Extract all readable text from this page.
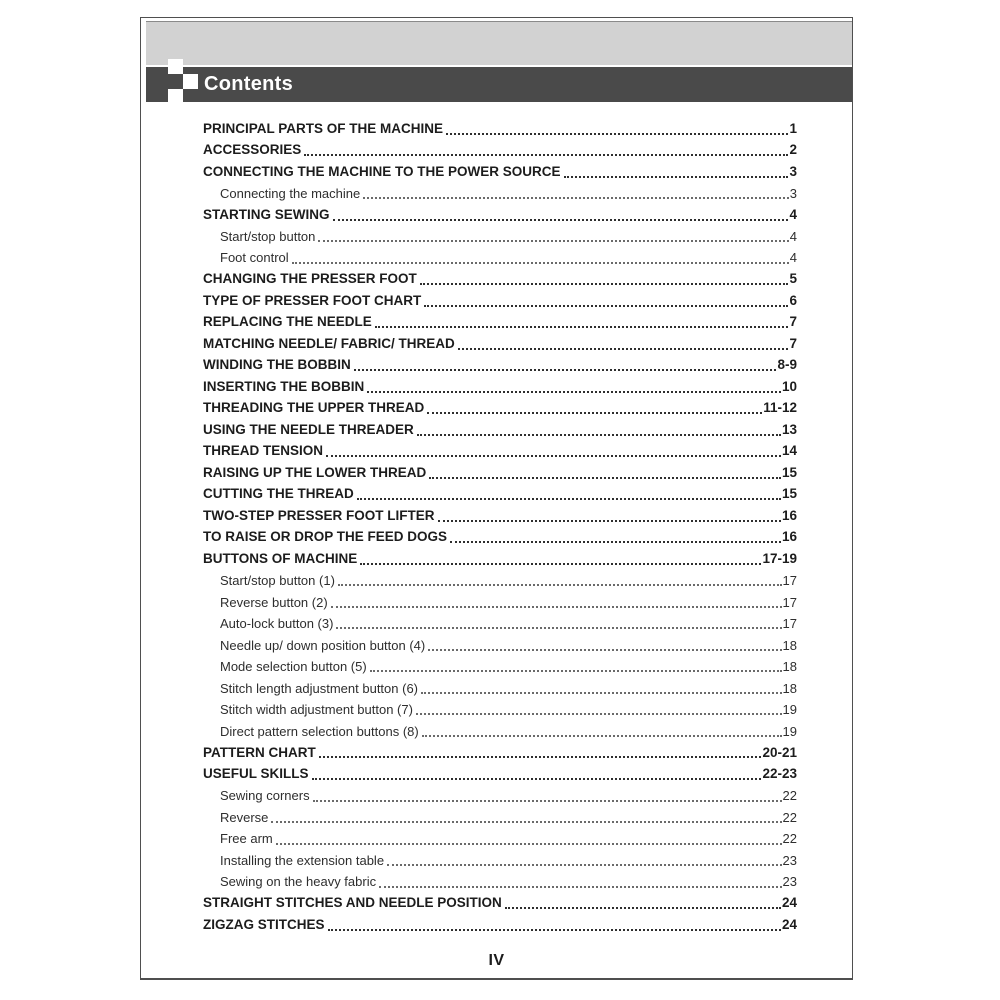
Contents
PRINCIPAL PARTS OF THE MACHINE	1
ACCESSORIES	2
CONNECTING THE MACHINE TO THE POWER SOURCE	3
Connecting the machine	3
STARTING SEWING	4
Start/stop button	4
Foot control	4
CHANGING THE PRESSER FOOT	5
TYPE OF PRESSER FOOT CHART	6
REPLACING THE NEEDLE	7
MATCHING NEEDLE/ FABRIC/ THREAD	7
WINDING THE BOBBIN	8-9
INSERTING THE BOBBIN	10
THREADING THE UPPER THREAD	11-12
USING THE NEEDLE THREADER	13
THREAD TENSION	14
RAISING UP THE LOWER THREAD	15
CUTTING THE THREAD	15
TWO-STEP PRESSER FOOT LIFTER	16
TO RAISE OR DROP THE FEED DOGS	16
BUTTONS OF MACHINE	17-19
Start/stop button (1)	17
Reverse button (2)	17
Auto-lock button (3)	17
Needle up/ down position button (4)	18
Mode selection button (5)	18
Stitch length adjustment button (6)	18
Stitch width adjustment button (7)	19
Direct pattern selection buttons (8)	19
PATTERN CHART	20-21
USEFUL SKILLS	22-23
Sewing corners	22
Reverse	22
Free arm	22
Installing the extension table	23
Sewing on the heavy fabric	23
STRAIGHT STITCHES AND NEEDLE POSITION	24
ZIGZAG STITCHES	24
IV
